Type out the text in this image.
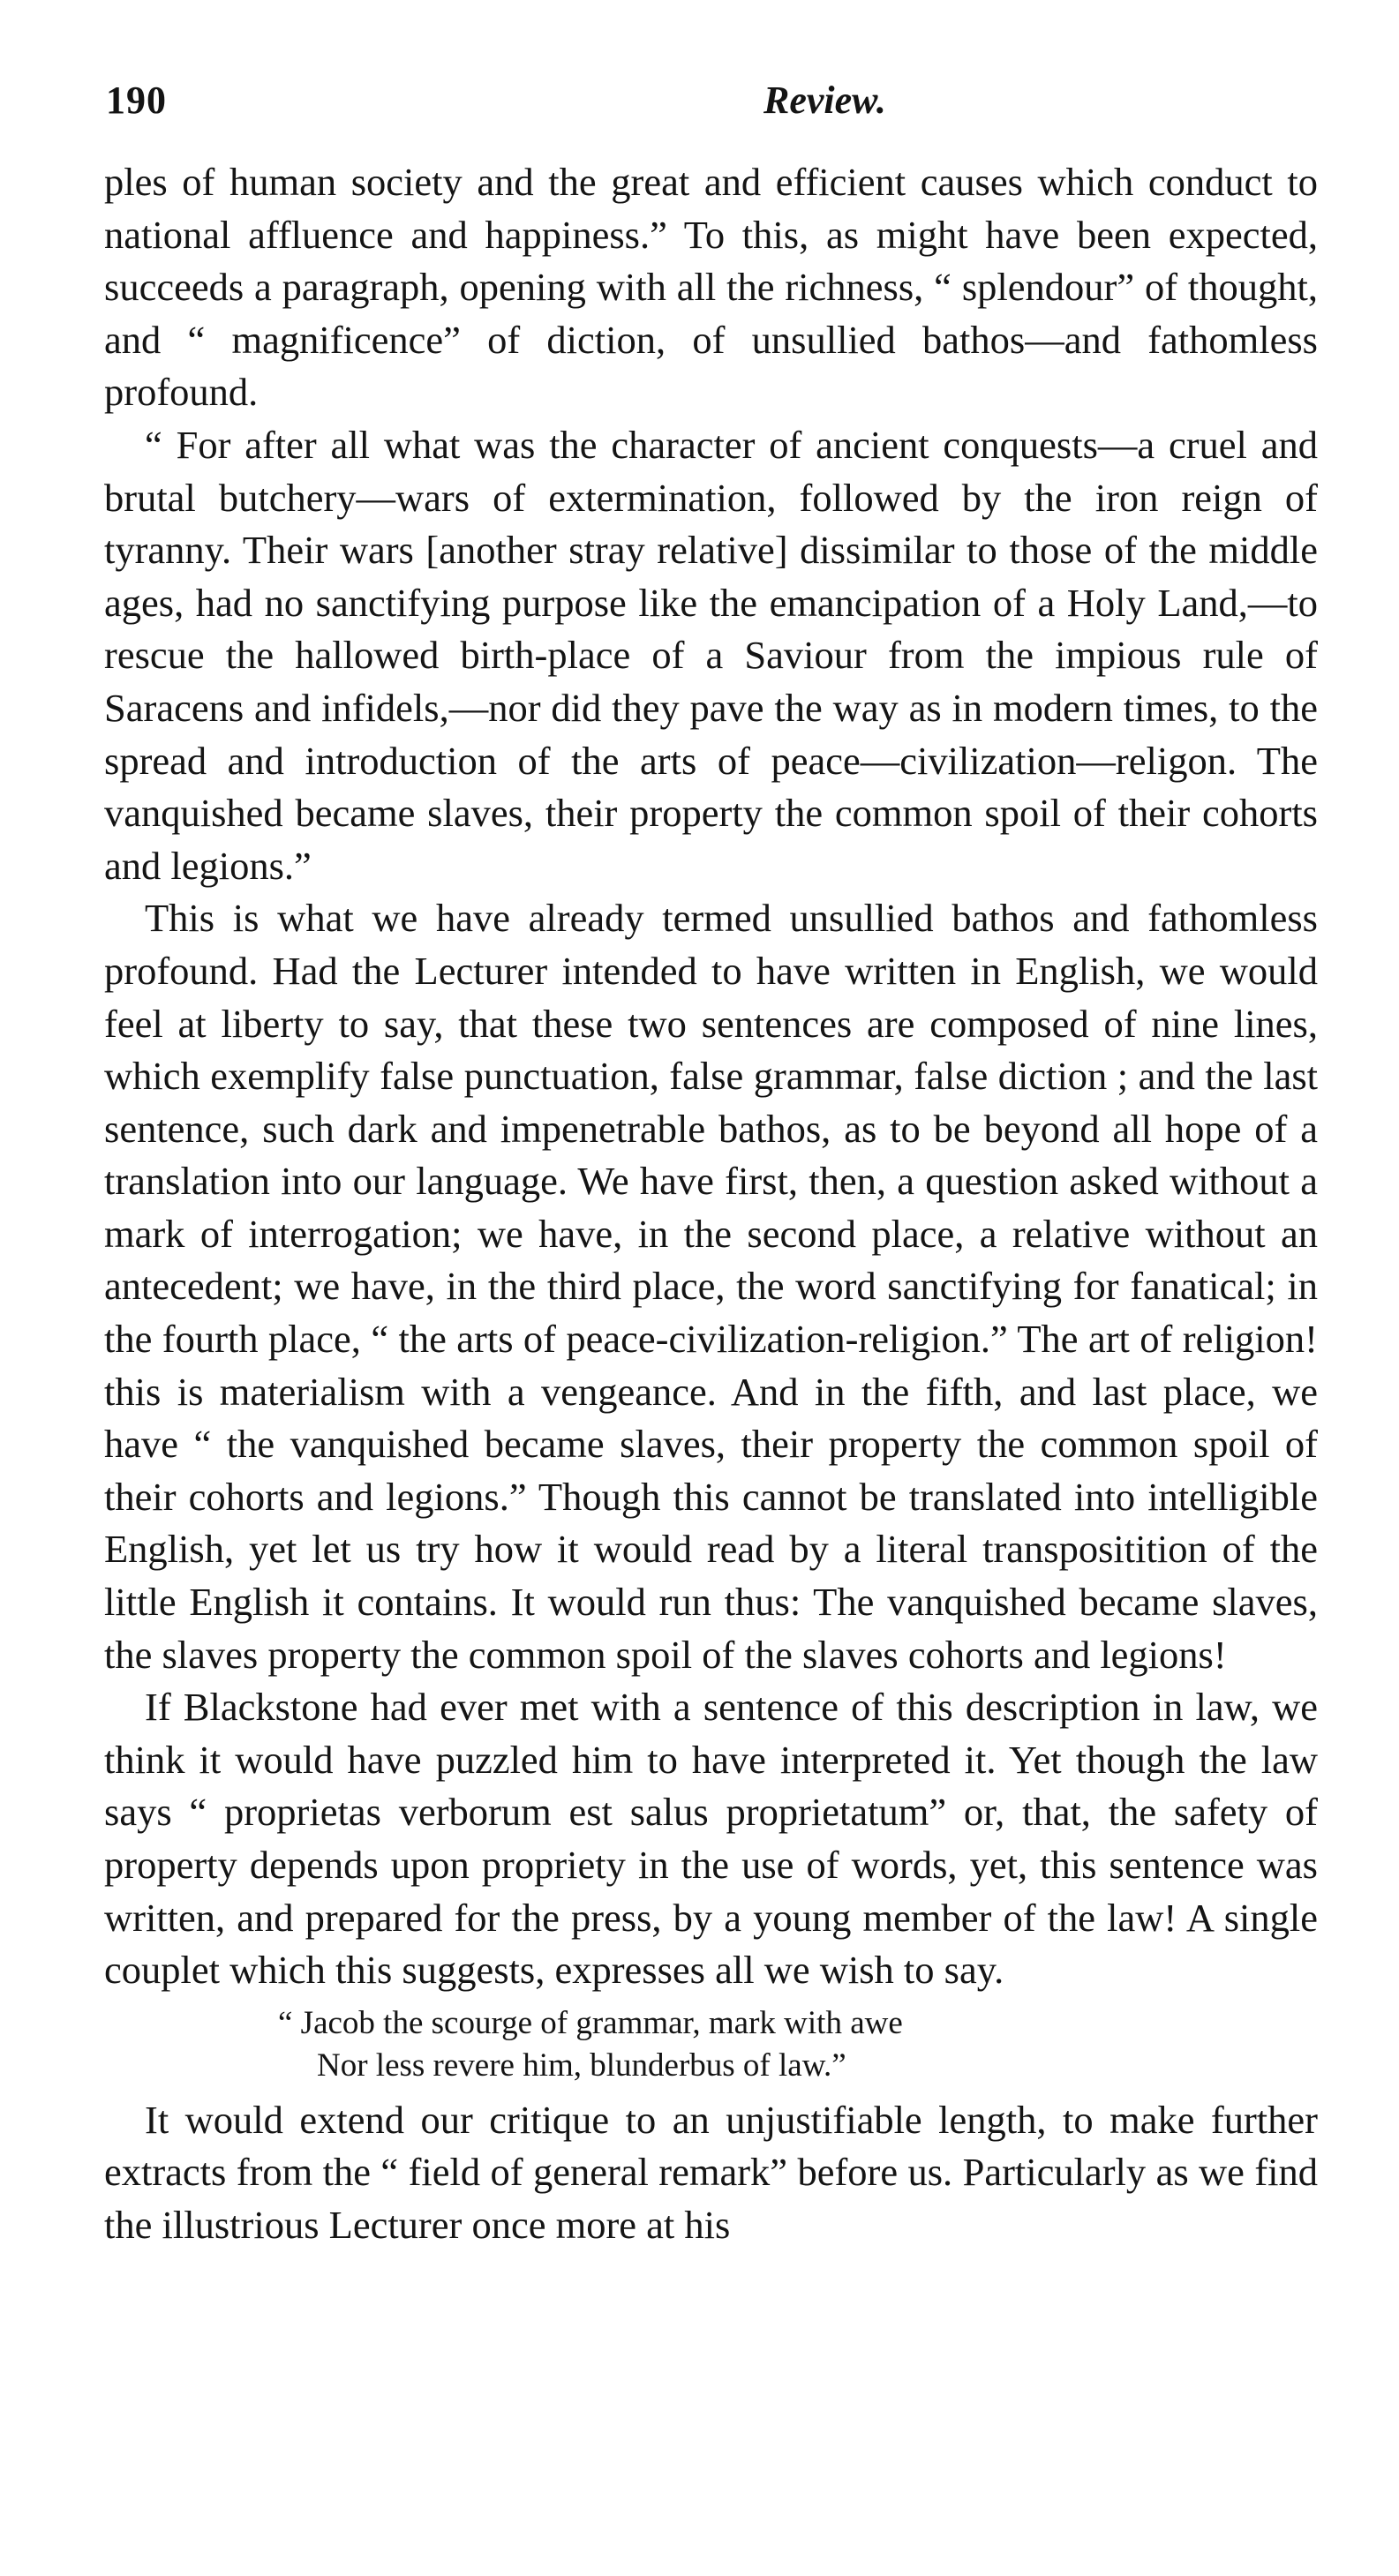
190	Review.

ples of human society and the great and efficient causes which conduct to national affluence and happiness.” To this, as might have been expected, succeeds a paragraph, opening with all the richness, “ splendour” of thought, and “ magnificence” of diction, of unsullied bathos—and fathomless profound.

“ For after all what was the character of ancient conquests—a cruel and brutal butchery—wars of extermination, followed by the iron reign of tyranny. Their wars [another stray relative] dissimilar to those of the middle ages, had no sanctifying purpose like the emancipation of a Holy Land,—to rescue the hallowed birth-place of a Saviour from the impious rule of Saracens and infidels,—nor did they pave the way as in modern times, to the spread and introduction of the arts of peace—civilization—religon. The vanquished became slaves, their property the common spoil of their cohorts and legions.”

This is what we have already termed unsullied bathos and fathomless profound. Had the Lecturer intended to have written in English, we would feel at liberty to say, that these two sentences are composed of nine lines, which exemplify false punctuation, false grammar, false diction ; and the last sentence, such dark and impenetrable bathos, as to be beyond all hope of a translation into our language. We have first, then, a question asked without a mark of interrogation; we have, in the second place, a relative without an antecedent; we have, in the third place, the word sanctifying for fanatical; in the fourth place, “ the arts of peace-civilization-religion.” The art of religion! this is materialism with a vengeance. And in the fifth, and last place, we have “ the vanquished became slaves, their property the common spoil of their cohorts and legions.” Though this cannot be translated into intelligible English, yet let us try how it would read by a literal transpositition of the little English it contains. It would run thus: The vanquished became slaves, the slaves property the common spoil of the slaves cohorts and legions!

If Blackstone had ever met with a sentence of this description in law, we think it would have puzzled him to have interpreted it. Yet though the law says “ proprietas verborum est salus proprietatum” or, that, the safety of property depends upon propriety in the use of words, yet, this sentence was written, and prepared for the press, by a young member of the law! A single couplet which this suggests, expresses all we wish to say.

“ Jacob the scourge of grammar, mark with awe
Nor less revere him, blunderbus of law.”

It would extend our critique to an unjustifiable length, to make further extracts from the “ field of general remark” before us. Particularly as we find the illustrious Lecturer once more at his
